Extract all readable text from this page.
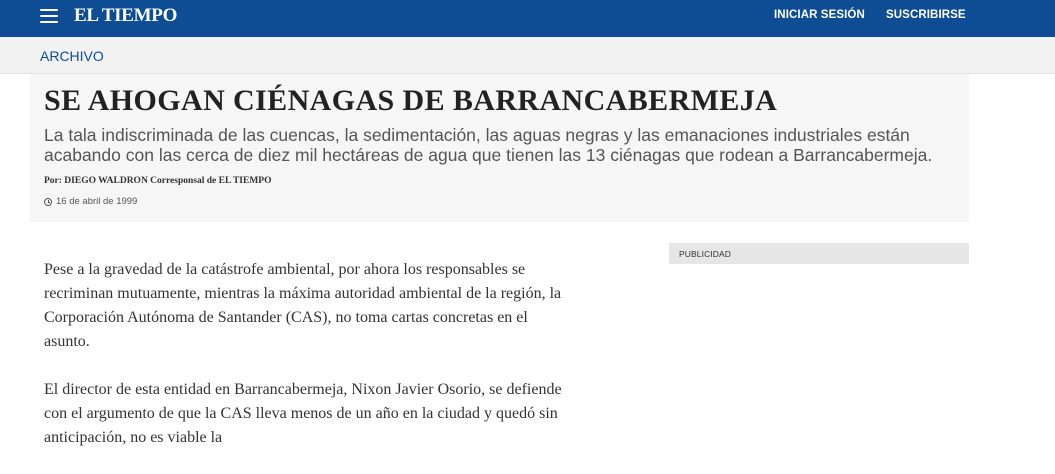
EL TIEMPO	INICIAR SESIÓN SUSCRIBIRSE
ARCHIVO
SE AHOGAN CIÉNAGAS DE BARRANCABERMEJA
La tala indiscriminada de las cuencas, la sedimentación, las aguas negras y las emanaciones industriales están acabando con las cerca de diez mil hectáreas de agua que tienen las 13 ciénagas que rodean a Barrancabermeja.
Por: DIEGO WALDRON Corresponsal de EL TIEMPO
16 de abril de 1999

Pese a la gravedad de la catástrofe ambiental, por ahora los responsables se recriminan mutuamente, mientras la máxima autoridad ambiental de la región, la Corporación Autónoma de Santander (CAS), no toma cartas concretas en el asunto.

El director de esta entidad en Barrancabermeja, Nixon Javier Osorio, se defiende con el argumento de que la CAS lleva menos de un año en la ciudad y quedó sin anticipación, no es viable la

PUBLICIDAD
